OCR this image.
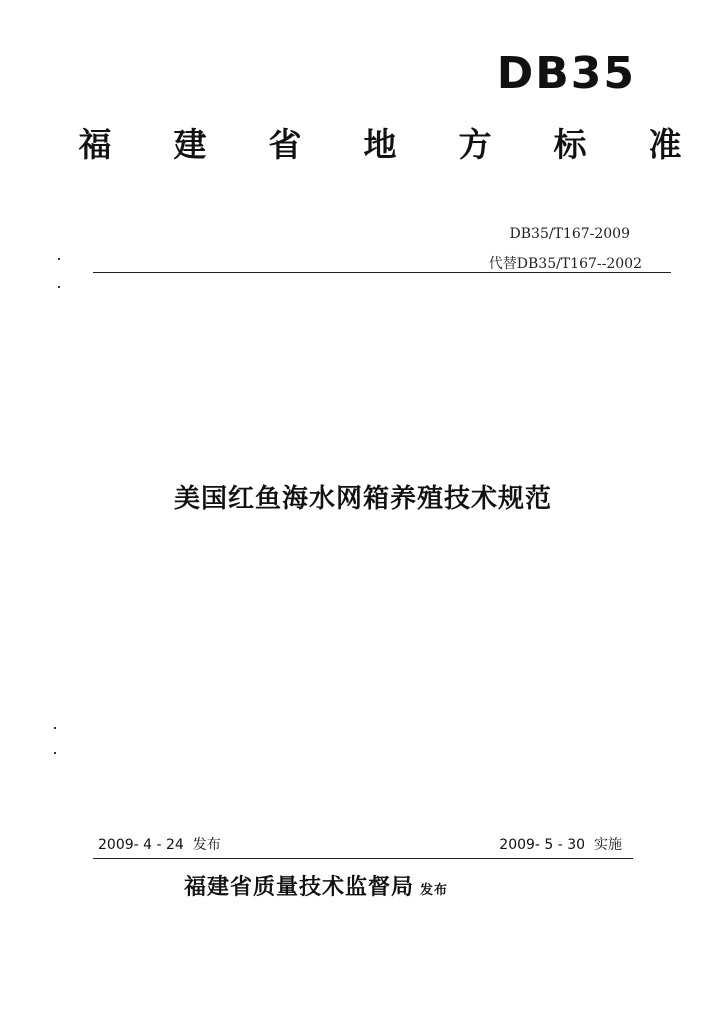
DB35
福 建 省 地 方 标 准
DB35/T167-2009
代替DB35/T167--2002
美国红鱼海水网箱养殖技术规范
2009- 4 - 24  发布	2009- 5 - 30  实施
福建省质量技术监督局 发布
